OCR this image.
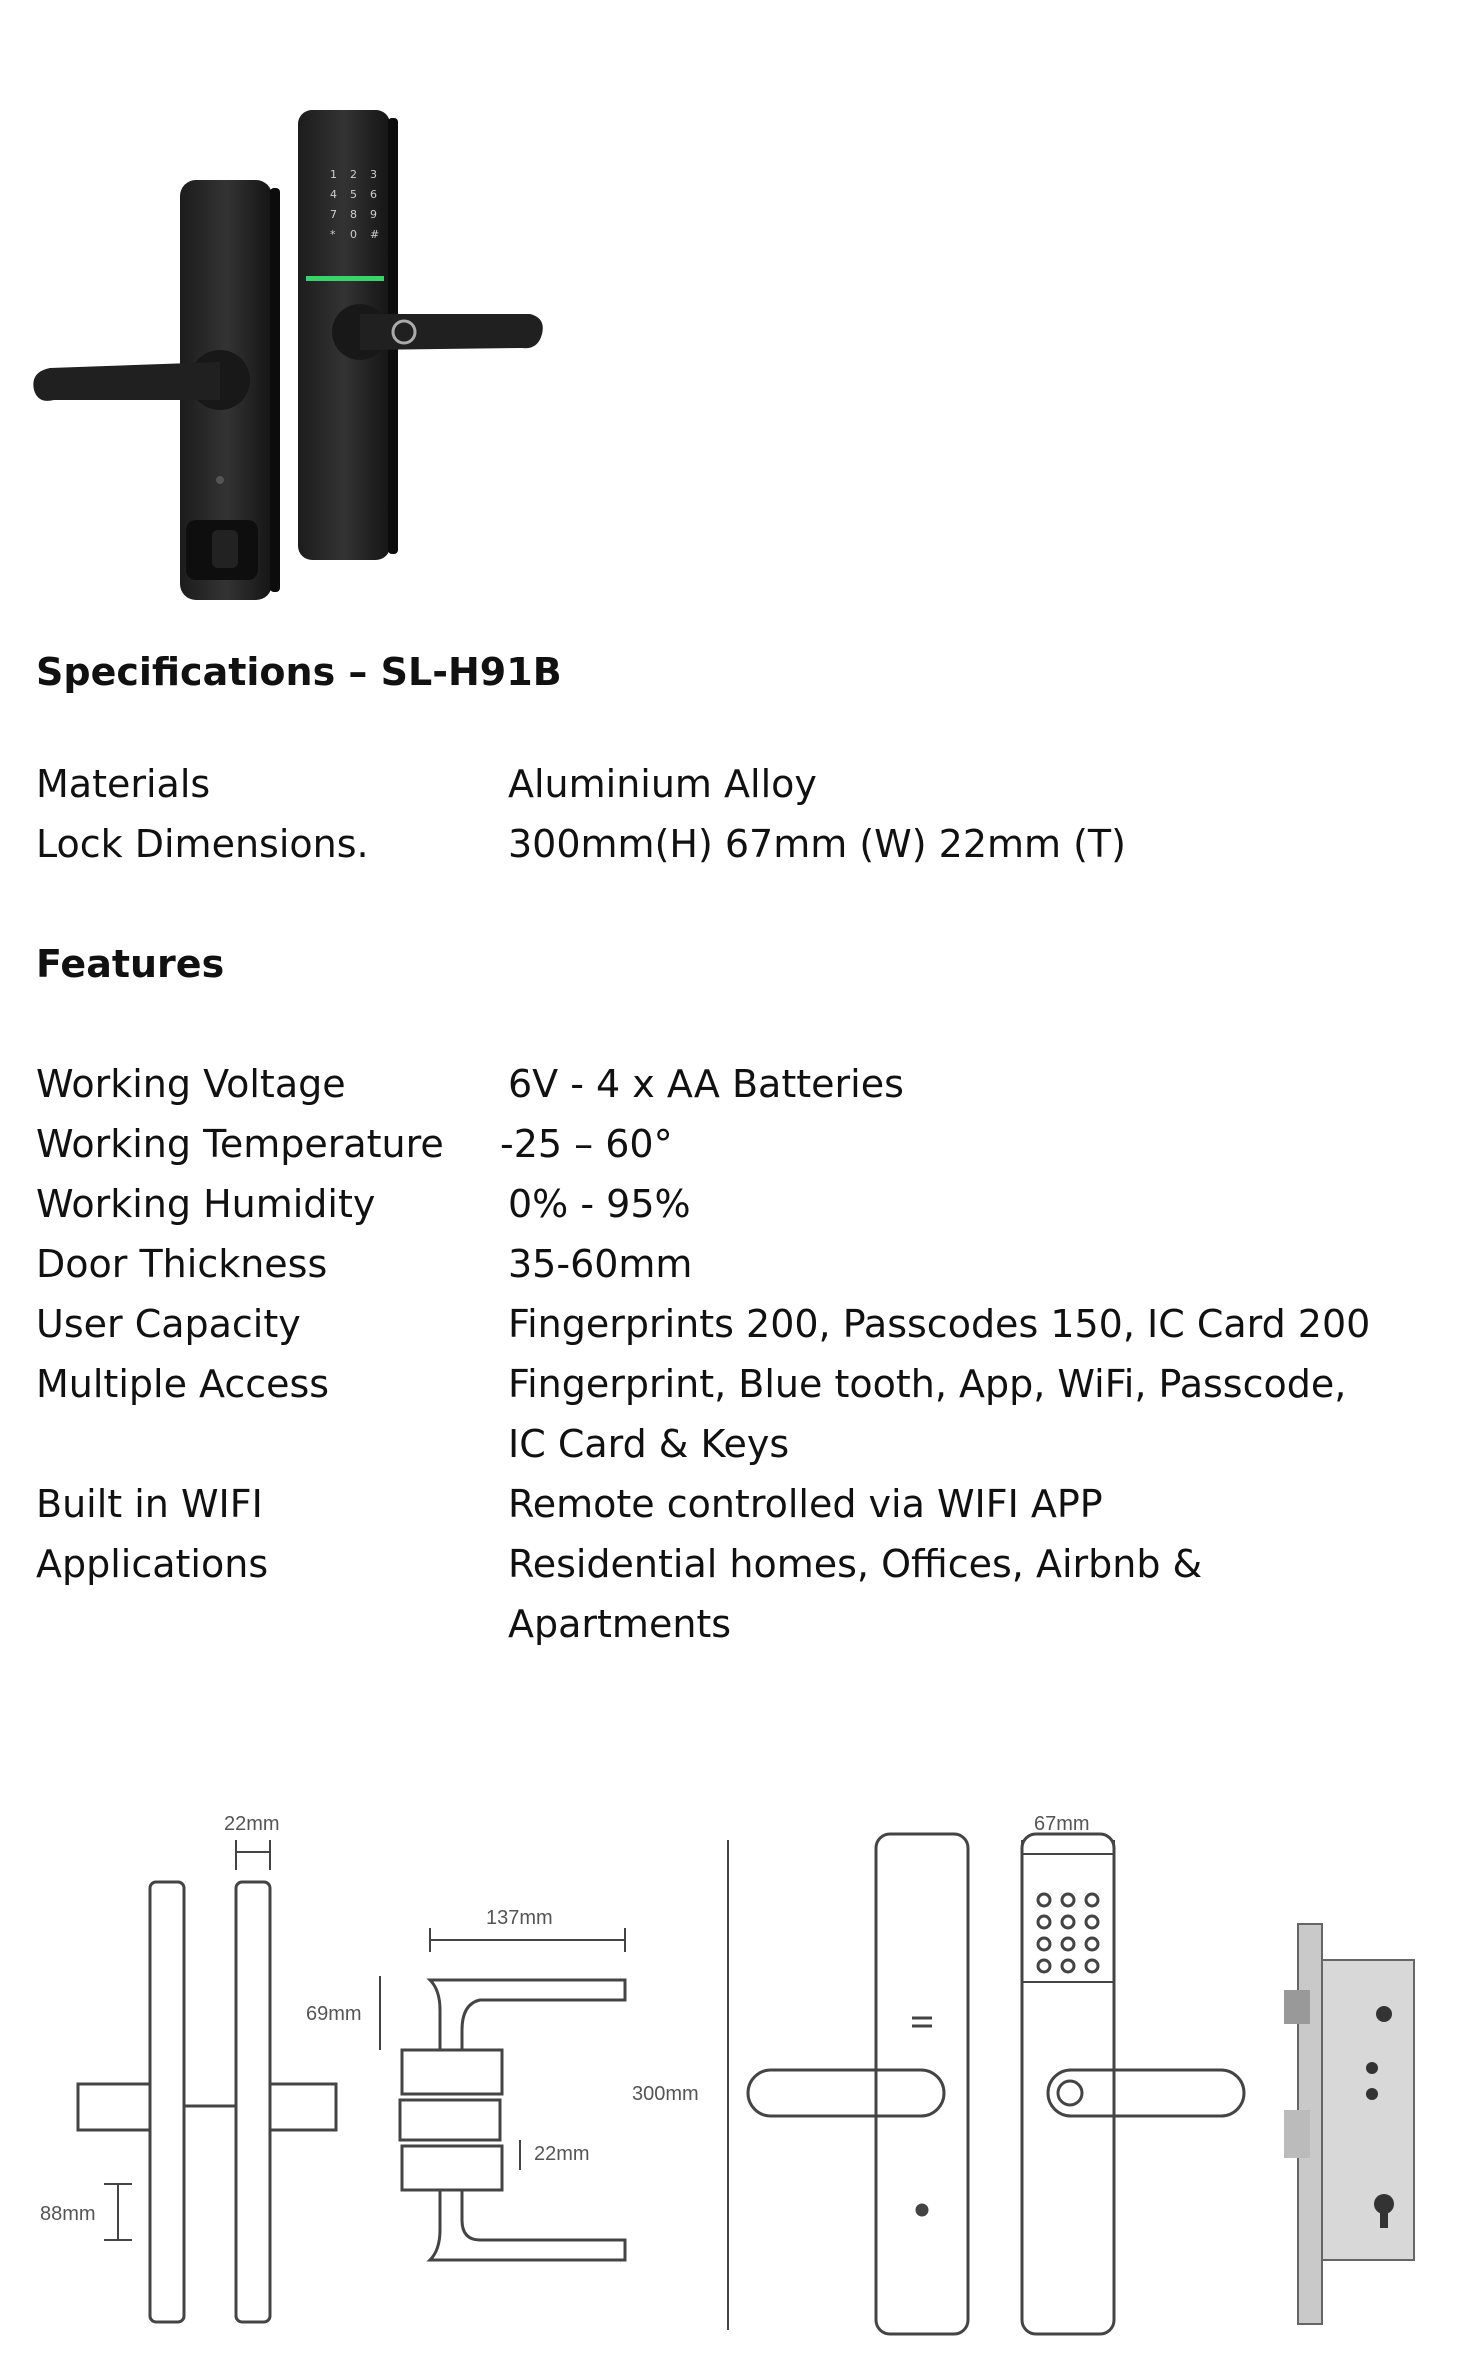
1 2 3
4 5 6
7 8 9
* 0 #
Specifications – SL-H91B
Materials	Aluminium Alloy
Lock Dimensions.	300mm(H) 67mm (W) 22mm (T)
Features
Working Voltage	6V - 4 x AA Batteries
Working Temperature -25 – 60°
Working Humidity	0% - 95%
Door Thickness	35-60mm
User Capacity	Fingerprints 200, Passcodes 150, IC Card 200
Multiple Access	Fingerprint, Blue tooth, App, WiFi, Passcode,
IC Card & Keys
Built in WIFI	Remote controlled via WIFI APP
Applications	Residential homes, Offices, Airbnb &
Apartments
22mm
137mm
69mm
88mm
22mm
300mm
67mm
